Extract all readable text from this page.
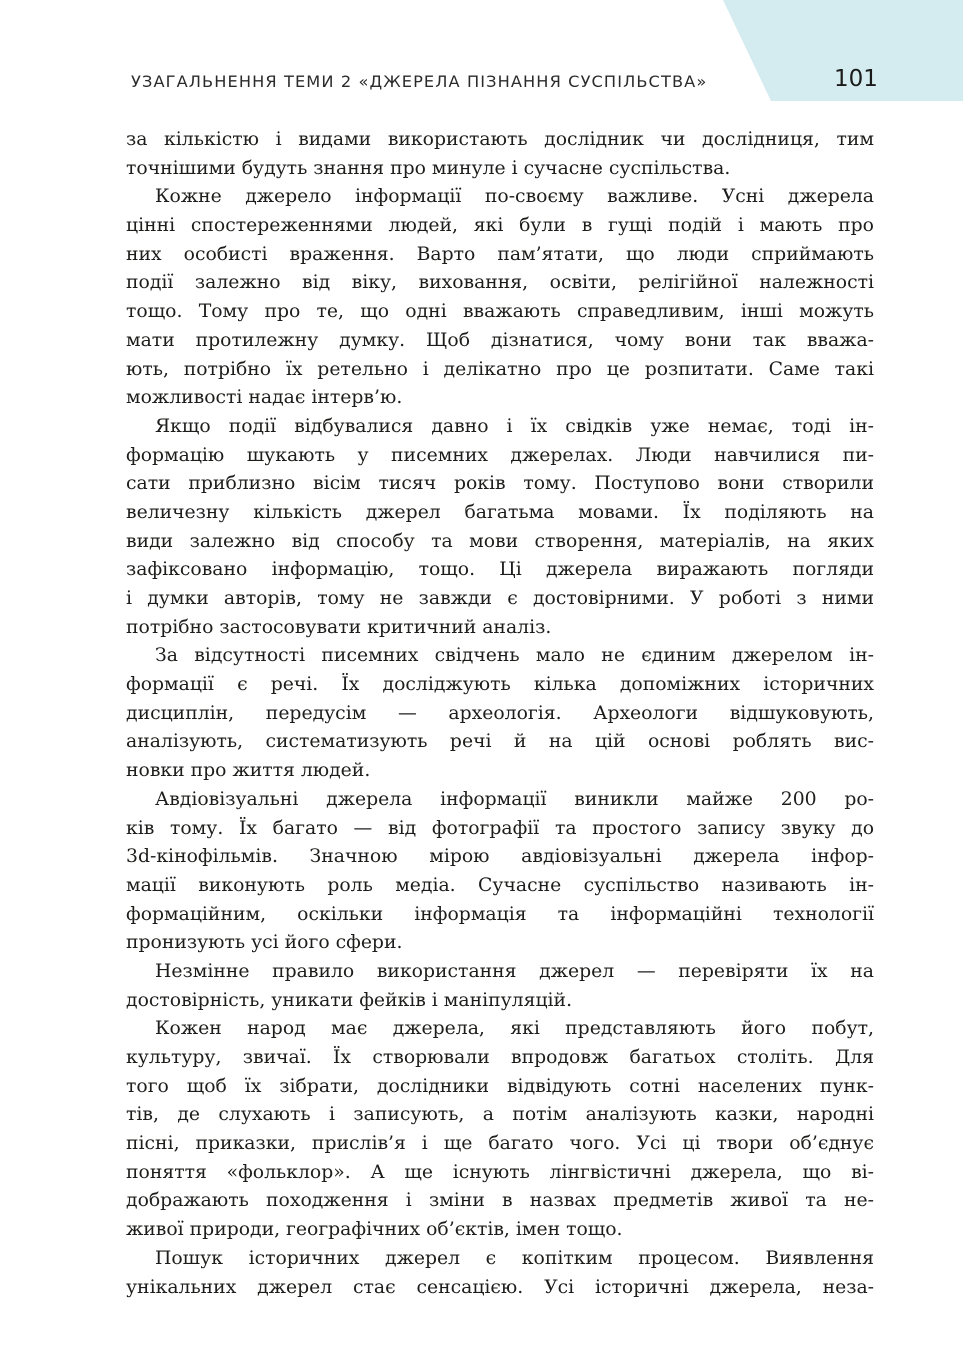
УЗАГАЛЬНЕННЯ ТЕМИ 2 «ДЖЕРЕЛА ПІЗНАННЯ СУСПІЛЬСТВА»	101

за кількістю і видами використають дослідник чи дослідниця, тим
точнішими будуть знання про минуле і сучасне суспільства.

Кожне джерело інформації по-своєму важливе. Усні джерела
цінні спостереженнями людей, які були в гущі подій і мають про
них особисті враження. Варто пам’ятати, що люди сприймають
події залежно від віку, виховання, освіти, релігійної належності
тощо. Тому про те, що одні вважають справедливим, інші можуть
мати протилежну думку. Щоб дізнатися, чому вони так вважа-
ють, потрібно їх ретельно і делікатно про це розпитати. Саме такі
можливості надає інтерв’ю.

Якщо події відбувалися давно і їх свідків уже немає, тоді ін-
формацію шукають у писемних джерелах. Люди навчилися пи-
сати приблизно вісім тисяч років тому. Поступово вони створили
величезну кількість джерел багатьма мовами. Їх поділяють на
види залежно від способу та мови створення, матеріалів, на яких
зафіксовано інформацію, тощо. Ці джерела виражають погляди
і думки авторів, тому не завжди є достовірними. У роботі з ними
потрібно застосовувати критичний аналіз.

За відсутності писемних свідчень мало не єдиним джерелом ін-
формації є речі. Їх досліджують кілька допоміжних історичних
дисциплін, передусім — археологія. Археологи відшуковують,
аналізують, систематизують речі й на цій основі роблять вис-
новки про життя людей.

Авдіовізуальні джерела інформації виникли майже 200 ро-
ків тому. Їх багато — від фотографії та простого запису звуку до
3d-кінофільмів. Значною мірою авдіовізуальні джерела інфор-
мації виконують роль медіа. Сучасне суспільство називають ін-
формаційним, оскільки інформація та інформаційні технології
пронизують усі його сфери.

Незмінне правило використання джерел — перевіряти їх на
достовірність, уникати фейків і маніпуляцій.

Кожен народ має джерела, які представляють його побут,
культуру, звичаї. Їх створювали впродовж багатьох століть. Для
того щоб їх зібрати, дослідники відвідують сотні населених пунк-
тів, де слухають і записують, а потім аналізують казки, народні
пісні, приказки, прислів’я і ще багато чого. Усі ці твори об’єднує
поняття «фольклор». А ще існують лінгвістичні джерела, що ві-
дображають походження і зміни в назвах предметів живої та не-
живої природи, географічних об’єктів, імен тощо.

Пошук історичних джерел є копітким процесом. Виявлення
унікальних джерел стає сенсацією. Усі історичні джерела, неза-
